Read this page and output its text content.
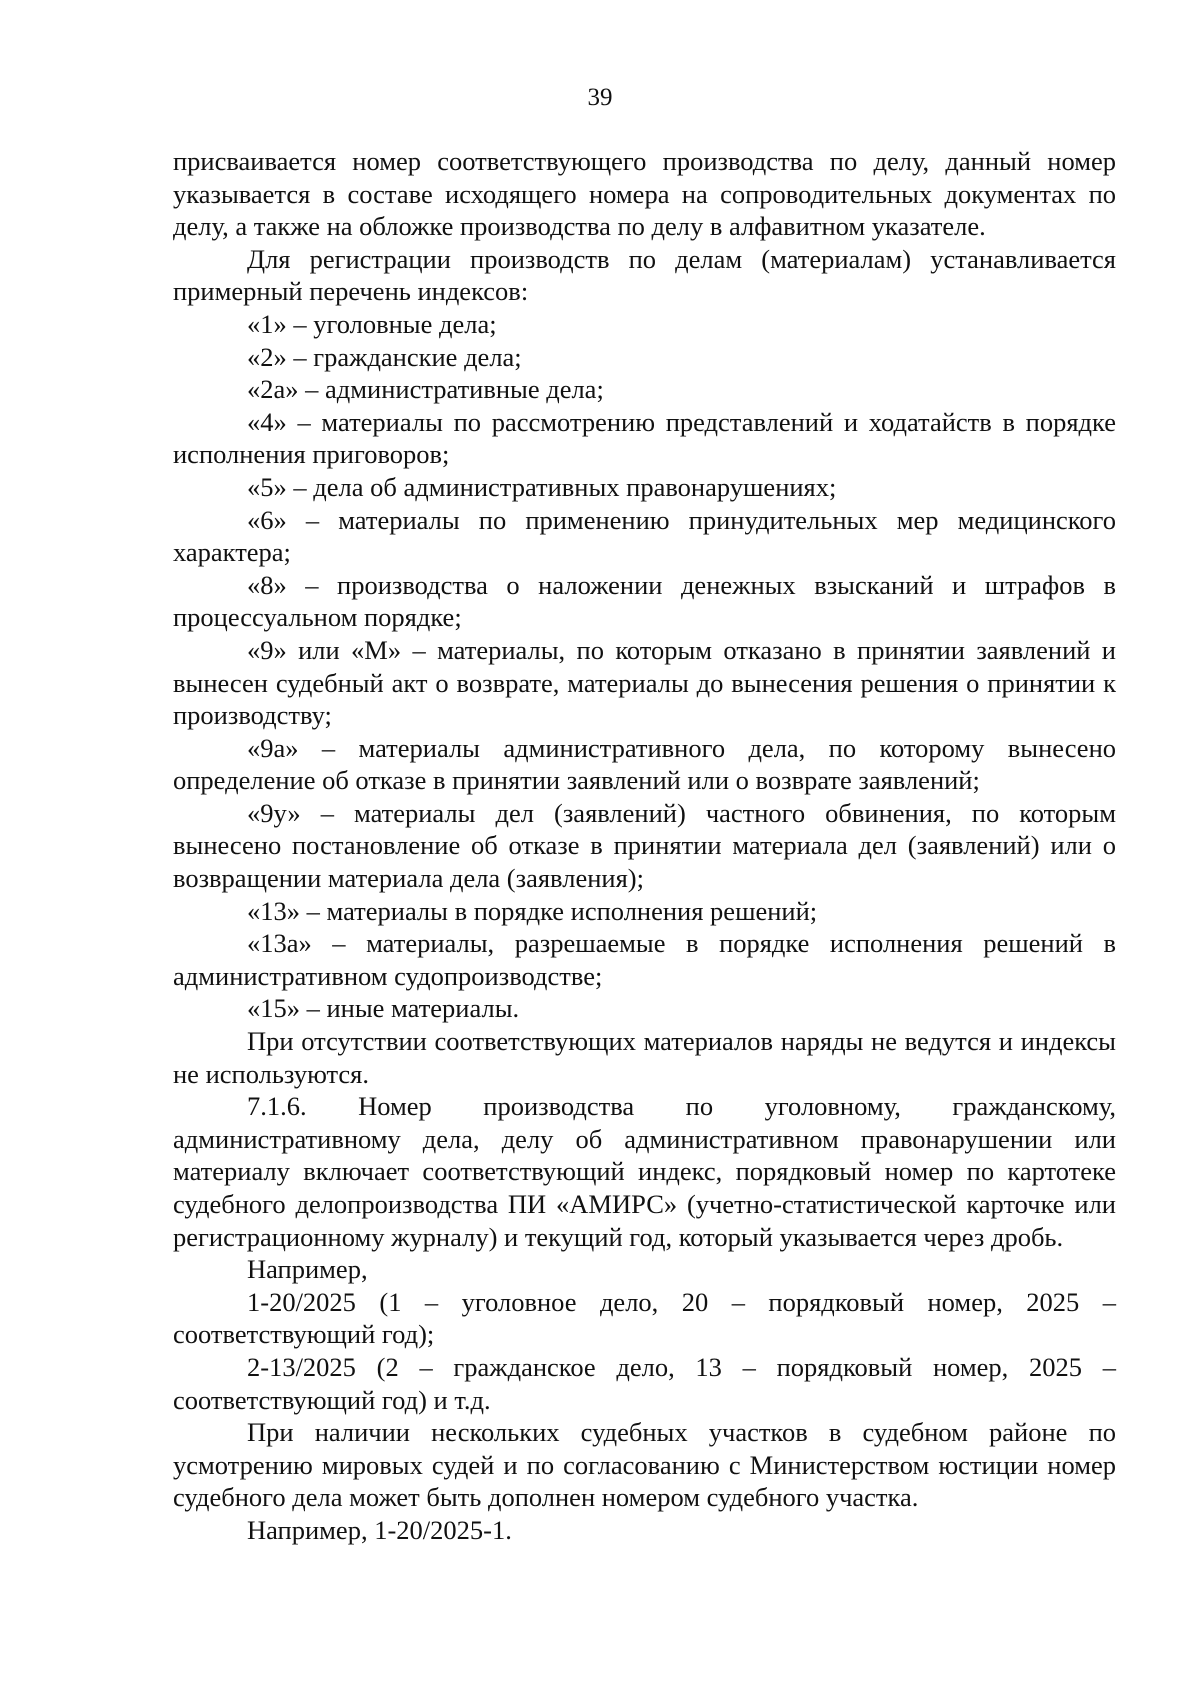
39

присваивается номер соответствующего производства по делу, данный номер указывается в составе исходящего номера на сопроводительных документах по делу, а также на обложке производства по делу в алфавитном указателе.

Для регистрации производств по делам (материалам) устанавливается примерный перечень индексов:

«1» – уголовные дела;

«2» – гражданские дела;

«2а» – административные дела;

«4» – материалы по рассмотрению представлений и ходатайств в порядке исполнения приговоров;

«5» – дела об административных правонарушениях;

«6» – материалы по применению принудительных мер медицинского характера;

«8» – производства о наложении денежных взысканий и штрафов в процессуальном порядке;

«9» или «М» – материалы, по которым отказано в принятии заявлений и вынесен судебный акт о возврате, материалы до вынесения решения о принятии к производству;

«9а» – материалы административного дела, по которому вынесено определение об отказе в принятии заявлений или о возврате заявлений;

«9у» – материалы дел (заявлений) частного обвинения, по которым вынесено постановление об отказе в принятии материала дел (заявлений) или о возвращении материала дела (заявления);

«13» – материалы в порядке исполнения решений;

«13а» – материалы, разрешаемые в порядке исполнения решений в административном судопроизводстве;

«15» – иные материалы.

При отсутствии соответствующих материалов наряды не ведутся и индексы не используются.

7.1.6. Номер производства по уголовному, гражданскому, административному дела, делу об административном правонарушении или материалу включает соответствующий индекс, порядковый номер по картотеке судебного делопроизводства ПИ «АМИРС» (учетно-статистической карточке или регистрационному журналу) и текущий год, который указывается через дробь.

Например,

1-20/2025 (1 – уголовное дело, 20 – порядковый номер, 2025 – соответствующий год);

2-13/2025 (2 – гражданское дело, 13 – порядковый номер, 2025 – соответствующий год) и т.д.

При наличии нескольких судебных участков в судебном районе по усмотрению мировых судей и по согласованию с Министерством юстиции номер судебного дела может быть дополнен номером судебного участка.

Например, 1-20/2025-1.
